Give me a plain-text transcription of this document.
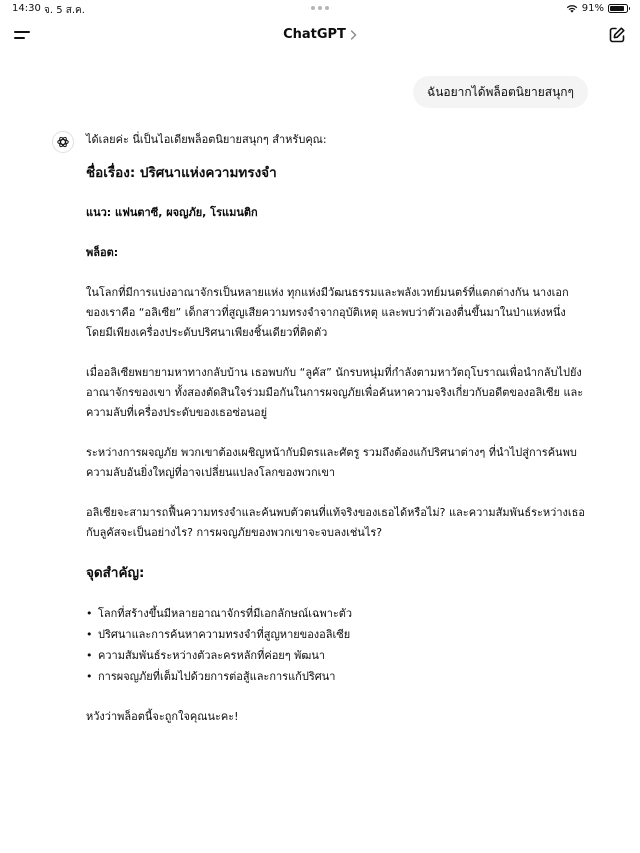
14:30 จ. 5 ส.ค.	91%
ChatGPT
ฉันอยากได้พล็อตนิยายสนุกๆ

ได้เลยค่ะ นี่เป็นไอเดียพล็อตนิยายสนุกๆ สำหรับคุณ:

ชื่อเรื่อง: ปริศนาแห่งความทรงจำ

แนว: แฟนตาซี, ผจญภัย, โรแมนติก

พล็อต:

ในโลกที่มีการแบ่งอาณาจักรเป็นหลายแห่ง ทุกแห่งมีวัฒนธรรมและพลังเวทย์มนตร์ที่แตกต่างกัน นางเอกของเราคือ “อลิเซีย” เด็กสาวที่สูญเสียความทรงจำจากอุบัติเหตุ และพบว่าตัวเองตื่นขึ้นมาในป่าแห่งหนึ่ง โดยมีเพียงเครื่องประดับปริศนาเพียงชิ้นเดียวที่ติดตัว

เมื่ออลิเซียพยายามหาทางกลับบ้าน เธอพบกับ “ลูคัส” นักรบหนุ่มที่กำลังตามหาวัตถุโบราณเพื่อนำกลับไปยังอาณาจักรของเขา ทั้งสองตัดสินใจร่วมมือกันในการผจญภัยเพื่อค้นหาความจริงเกี่ยวกับอดีตของอลิเซีย และความลับที่เครื่องประดับของเธอซ่อนอยู่

ระหว่างการผจญภัย พวกเขาต้องเผชิญหน้ากับมิตรและศัตรู รวมถึงต้องแก้ปริศนาต่างๆ ที่นำไปสู่การค้นพบความลับอันยิ่งใหญ่ที่อาจเปลี่ยนแปลงโลกของพวกเขา

อลิเซียจะสามารถฟื้นความทรงจำและค้นพบตัวตนที่แท้จริงของเธอได้หรือไม่? และความสัมพันธ์ระหว่างเธอกับลูคัสจะเป็นอย่างไร? การผจญภัยของพวกเขาจะจบลงเช่นไร?

จุดสำคัญ:

• โลกที่สร้างขึ้นมีหลายอาณาจักรที่มีเอกลักษณ์เฉพาะตัว
• ปริศนาและการค้นหาความทรงจำที่สูญหายของอลิเซีย
• ความสัมพันธ์ระหว่างตัวละครหลักที่ค่อยๆ พัฒนา
• การผจญภัยที่เต็มไปด้วยการต่อสู้และการแก้ปริศนา

หวังว่าพล็อตนี้จะถูกใจคุณนะคะ!
